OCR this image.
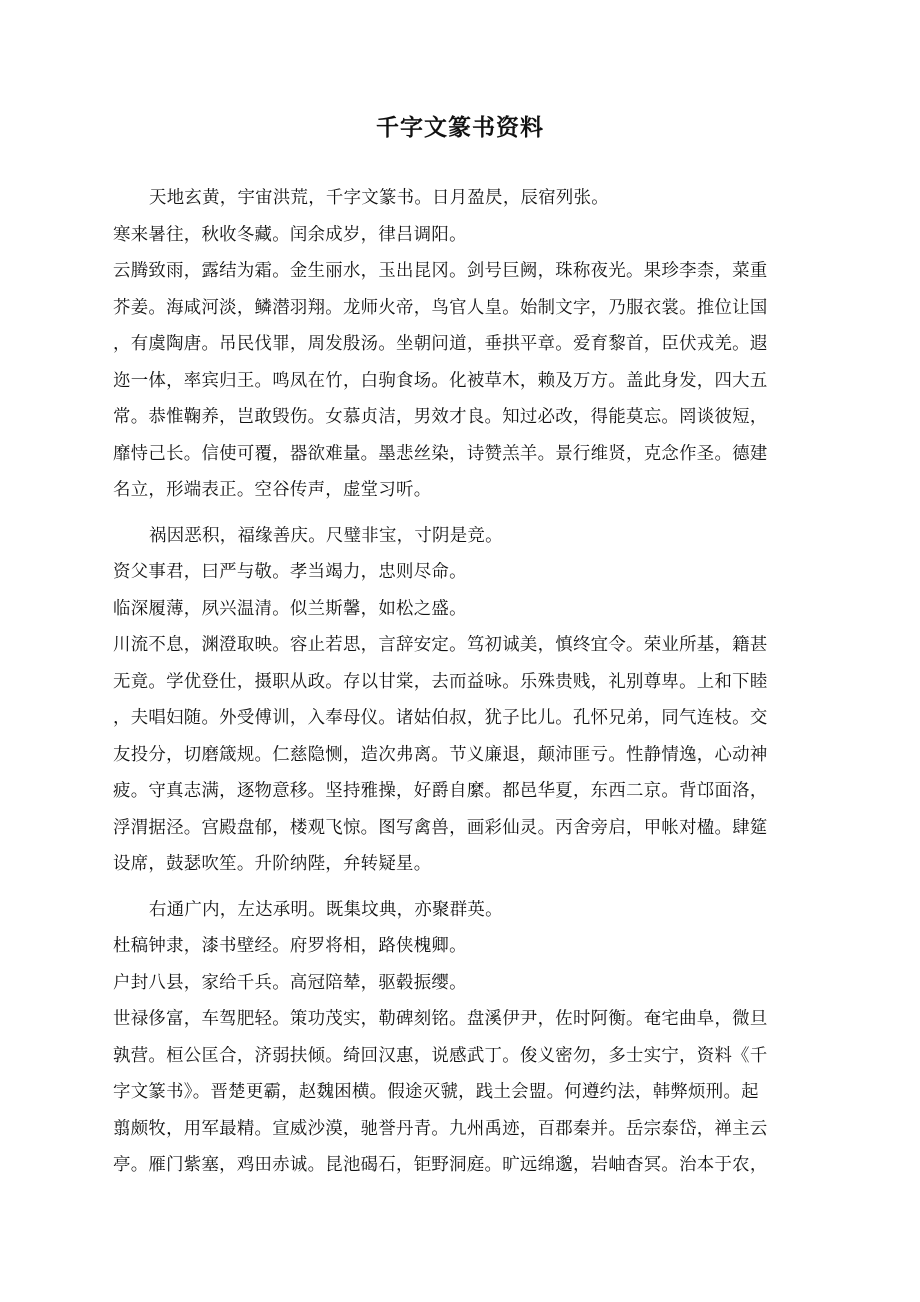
千字文篆书资料
天地玄黄，宇宙洪荒，千字文篆书。日月盈昃，辰宿列张。
寒来暑往，秋收冬藏。闰余成岁，律吕调阳。
云腾致雨，露结为霜。金生丽水，玉出昆冈。剑号巨阙，珠称夜光。果珍李柰，菜重
芥姜。海咸河淡，鳞潜羽翔。龙师火帝，鸟官人皇。始制文字，乃服衣裳。推位让国
，有虞陶唐。吊民伐罪，周发殷汤。坐朝问道，垂拱平章。爱育黎首，臣伏戎羌。遐
迩一体，率宾归王。鸣凤在竹，白驹食场。化被草木，赖及万方。盖此身发，四大五
常。恭惟鞠养，岂敢毁伤。女慕贞洁，男效才良。知过必改，得能莫忘。罔谈彼短，
靡恃己长。信使可覆，器欲难量。墨悲丝染，诗赞羔羊。景行维贤，克念作圣。德建
名立，形端表正。空谷传声，虚堂习听。
祸因恶积，福缘善庆。尺璧非宝，寸阴是竞。
资父事君，曰严与敬。孝当竭力，忠则尽命。
临深履薄，夙兴温清。似兰斯馨，如松之盛。
川流不息，渊澄取映。容止若思，言辞安定。笃初诚美，慎终宜令。荣业所基，籍甚
无竟。学优登仕，摄职从政。存以甘棠，去而益咏。乐殊贵贱，礼别尊卑。上和下睦
，夫唱妇随。外受傅训，入奉母仪。诸姑伯叔，犹子比儿。孔怀兄弟，同气连枝。交
友投分，切磨箴规。仁慈隐恻，造次弗离。节义廉退，颠沛匪亏。性静情逸，心动神
疲。守真志满，逐物意移。坚持雅操，好爵自縻。都邑华夏，东西二京。背邙面洛，
浮渭据泾。宫殿盘郁，楼观飞惊。图写禽兽，画彩仙灵。丙舍旁启，甲帐对楹。肆筵
设席，鼓瑟吹笙。升阶纳陛，弁转疑星。
右通广内，左达承明。既集坟典，亦聚群英。
杜稿钟隶，漆书壁经。府罗将相，路侠槐卿。
户封八县，家给千兵。高冠陪辇，驱毂振缨。
世禄侈富，车驾肥轻。策功茂实，勒碑刻铭。盘溪伊尹，佐时阿衡。奄宅曲阜，微旦
孰营。桓公匡合，济弱扶倾。绮回汉惠，说感武丁。俊义密勿，多士实宁，资料《千
字文篆书》。晋楚更霸，赵魏困横。假途灭虢，践土会盟。何遵约法，韩弊烦刑。起
翦颇牧，用军最精。宣威沙漠，驰誉丹青。九州禹迹，百郡秦并。岳宗泰岱，禅主云
亭。雁门紫塞，鸡田赤诚。昆池碣石，钜野洞庭。旷远绵邈，岩岫杳冥。治本于农，
